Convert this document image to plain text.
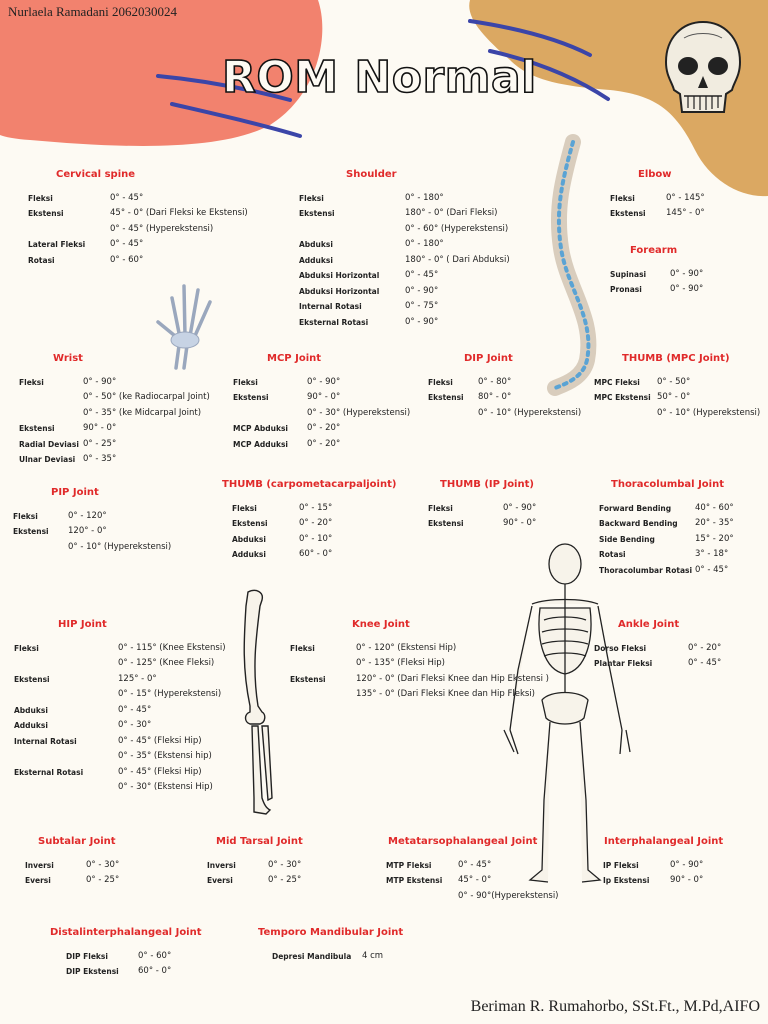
Nurlaela Ramadani 2062030024
ROM Normal
Cervical spine
Fleksi	0° - 45°
Ekstensi	45° - 0° (Dari Fleksi ke Ekstensi)
0° - 45° (Hyperekstensi)
Lateral Fleksi	0° - 45°
Rotasi	0° - 60°
Shoulder
Fleksi	0° - 180°
Ekstensi	180° - 0° (Dari Fleksi)
0° - 60° (Hyperekstensi)
Abduksi	0° - 180°
Adduksi	180° - 0° ( Dari Abduksi)
Abduksi Horizontal	0° - 45°
Abduksi Horizontal	0° - 90°
Internal Rotasi	0° - 75°
Eksternal Rotasi	0° - 90°
Elbow
Fleksi	0° - 145°
Ekstensi	145° - 0°
Forearm
Supinasi	0° - 90°
Pronasi	0° - 90°
Wrist
Fleksi	0° - 90°
0° - 50° (ke Radiocarpal Joint)
0° - 35° (ke Midcarpal Joint)
Ekstensi	90° - 0°
Radial Deviasi 0° - 25°
Ulnar Deviasi 0° - 35°
MCP Joint
Fleksi	0° - 90°
Ekstensi	90° - 0°
0° - 30° (Hyperekstensi)
MCP Abduksi	0° - 20°
MCP Adduksi	0° - 20°
DIP Joint
Fleksi	0° - 80°
Ekstensi	80° - 0°
0° - 10° (Hyperekstensi)
THUMB (MPC Joint)
MPC Fleksi	0° - 50°
MPC Ekstensi 50° - 0°
0° - 10° (Hyperekstensi)
PIP Joint
Fleksi	0° - 120°
Ekstensi	120° - 0°
0° - 10° (Hyperekstensi)
THUMB (carpometacarpaljoint)
Fleksi	0° - 15°
Ekstensi	0° - 20°
Abduksi	0° - 10°
Adduksi	60° - 0°
THUMB (IP Joint)
Fleksi	0° - 90°
Ekstensi	90° - 0°
Thoracolumbal Joint
Forward Bending	40° - 60°
Backward Bending	20° - 35°
Side Bending	15° - 20°
Rotasi	3° - 18°
Thoracolumbar Rotasi 0° - 45°
HIP Joint
Fleksi	0° - 115° (Knee Ekstensi)
0° - 125° (Knee Fleksi)
Ekstensi	125° - 0°
0° - 15° (Hyperekstensi)
Abduksi	0° - 45°
Adduksi	0° - 30°
Internal Rotasi	0° - 45° (Fleksi Hip)
0° - 35° (Ekstensi hip)
Eksternal Rotasi	0° - 45° (Fleksi Hip)
0° - 30° (Ekstensi Hip)
Knee Joint
Fleksi	0° - 120° (Ekstensi Hip)
0° - 135° (Fleksi Hip)
Ekstensi	120° - 0° (Dari Fleksi Knee dan Hip Ekstensi )
135° - 0° (Dari Fleksi Knee dan Hip Fleksi)
Ankle Joint
Dorso Fleksi	0° - 20°
Plantar Fleksi	0° - 45°
Subtalar Joint
Inversi	0° - 30°
Eversi	0° - 25°
Mid Tarsal Joint
Inversi	0° - 30°
Eversi	0° - 25°
Metatarsophalangeal Joint
MTP Fleksi	0° - 45°
MTP Ekstensi	45° - 0°
0° - 90°(Hyperekstensi)
Interphalangeal Joint
IP Fleksi	0° - 90°
Ip Ekstensi	90° - 0°
Distalinterphalangeal Joint
DIP Fleksi	0° - 60°
DIP Ekstensi	60° - 0°
Temporo Mandibular Joint
Depresi Mandibula	4 cm
Beriman R. Rumahorbo, SSt.Ft., M.Pd,AIFO
